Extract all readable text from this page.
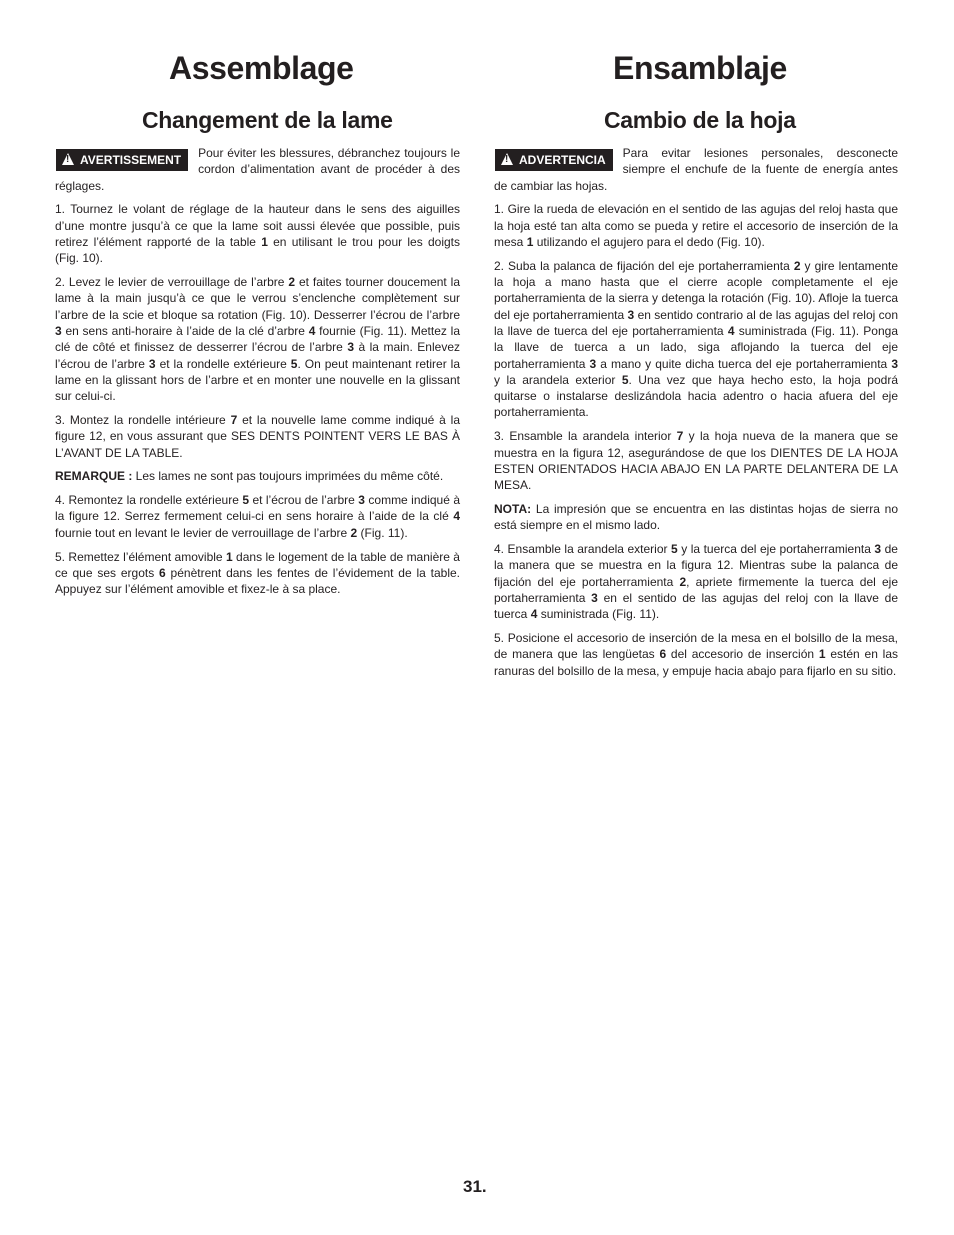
Assemblage
Changement de la lame

!AVERTISSEMENT	Pour éviter les blessures, débranchez toujours le cordon d’alimentation avant de procéder à des réglages.

1. Tournez le volant de réglage de la hauteur dans le sens des aiguilles d’une montre jusqu’à ce que la lame soit aussi élevée que possible, puis retirez l’élément rapporté de la table 1 en utilisant le trou pour les doigts (Fig. 10).

2. Levez le levier de verrouillage de l’arbre 2 et faites tourner doucement la lame à la main jusqu’à ce que le verrou s’enclenche complètement sur l’arbre de la scie et bloque sa rotation (Fig. 10). Desserrer l’écrou de l’arbre 3 en sens anti-horaire à l’aide de la clé d’arbre 4 fournie (Fig. 11). Mettez la clé de côté et finissez de desserrer l’écrou de l’arbre 3 à la main. Enlevez l’écrou de l’arbre 3 et la rondelle extérieure 5. On peut maintenant retirer la lame en la glissant hors de l’arbre et en monter une nouvelle en la glissant sur celui-ci.

3. Montez la rondelle intérieure 7 et la nouvelle lame comme indiqué à la figure 12, en vous assurant que SES DENTS POINTENT VERS LE BAS À L’AVANT DE LA TABLE.

REMARQUE : Les lames ne sont pas toujours imprimées du même côté.

4. Remontez la rondelle extérieure 5 et l’écrou de l’arbre 3 comme indiqué à la figure 12. Serrez fermement celui-ci en sens horaire à l’aide de la clé 4 fournie tout en levant le levier de verrouillage de l’arbre 2 (Fig. 11).

5. Remettez l’élément amovible 1 dans le logement de la table de manière à ce que ses ergots 6 pénètrent dans les fentes de l’évidement de la table. Appuyez sur l’élément amovible et fixez-le à sa place.

Ensamblaje
Cambio de la hoja

!ADVERTENCIA	Para evitar lesiones personales, desconecte siempre el enchufe de la fuente de energía antes de cambiar las hojas.

1. Gire la rueda de elevación en el sentido de las agujas del reloj hasta que la hoja esté tan alta como se pueda y retire el accesorio de inserción de la mesa 1 utilizando el agujero para el dedo (Fig. 10).

2. Suba la palanca de fijación del eje portaherramienta 2 y gire lentamente la hoja a mano hasta que el cierre acople completamente el eje portaherramienta de la sierra y detenga la rotación (Fig. 10). Afloje la tuerca del eje portaherramienta 3 en sentido contrario al de las agujas del reloj con la llave de tuerca del eje portaherramienta 4 suministrada (Fig. 11). Ponga la llave de tuerca a un lado, siga aflojando la tuerca del eje portaherramienta 3 a mano y quite dicha tuerca del eje portaherramienta 3 y la arandela exterior 5. Una vez que haya hecho esto, la hoja podrá quitarse o instalarse deslizándola hacia adentro o hacia afuera del eje portaherramienta.

3. Ensamble la arandela interior 7 y la hoja nueva de la manera que se muestra en la figura 12, asegurándose de que los DIENTES DE LA HOJA ESTEN ORIENTADOS HACIA ABAJO EN LA PARTE DELANTERA DE LA MESA.

NOTA: La impresión que se encuentra en las distintas hojas de sierra no está siempre en el mismo lado.

4. Ensamble la arandela exterior 5 y la tuerca del eje portaherramienta 3 de la manera que se muestra en la figura 12. Mientras sube la palanca de fijación del eje portaherramienta 2, apriete firmemente la tuerca del eje portaherramienta 3 en el sentido de las agujas del reloj con la llave de tuerca 4 suministrada (Fig. 11).

5. Posicione el accesorio de inserción de la mesa en el bolsillo de la mesa, de manera que las lengüetas 6 del accesorio de inserción 1 estén en las ranuras del bolsillo de la mesa, y empuje hacia abajo para fijarlo en su sitio.

31.
